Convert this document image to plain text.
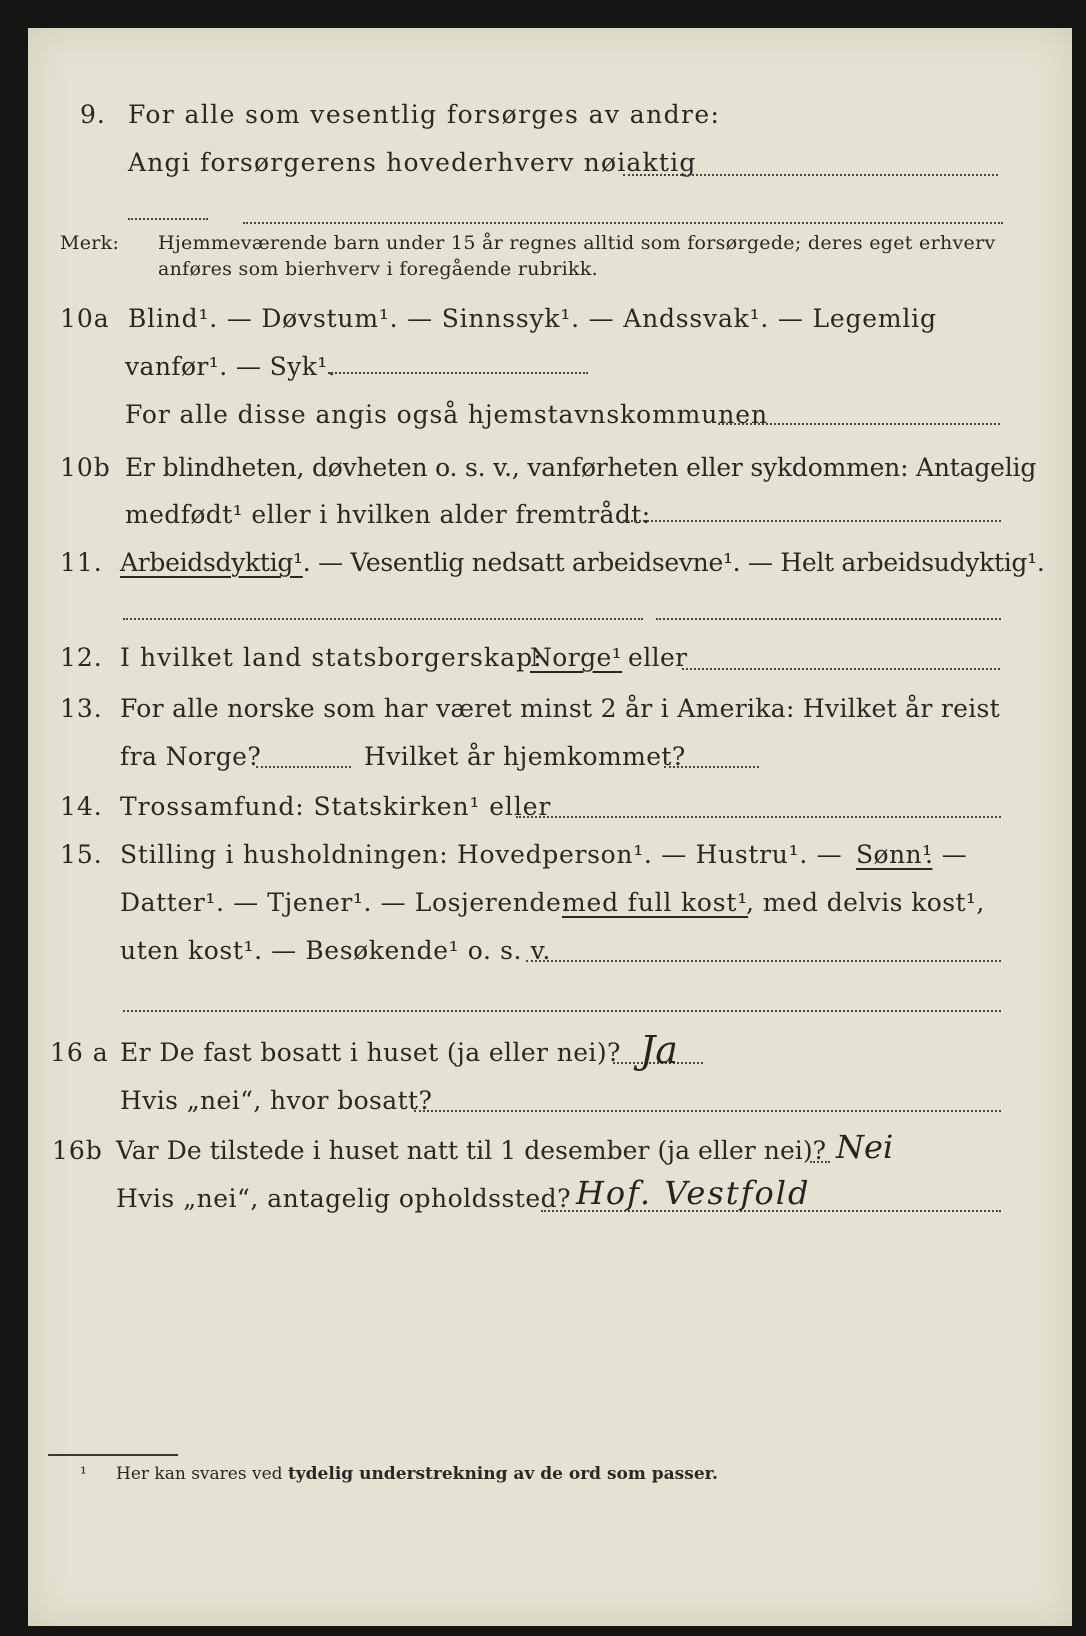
9. For alle som vesentlig forsørges av andre:
Angi forsørgerens hovederhverv nøiaktig
Merk: Hjemmeværende barn under 15 år regnes alltid som forsørgede; deres eget erhverv
anføres som bierhverv i foregående rubrikk.
10a Blind¹. — Døvstum¹. — Sinnssyk¹. — Andssvak¹. — Legemlig
vanfør¹. — Syk¹.
For alle disse angis også hjemstavnskommunen
10b Er blindheten, døvheten o. s. v., vanførheten eller sykdommen: Antagelig
medfødt¹ eller i hvilken alder fremtrådt:
11. Arbeidsdyktig¹. — Vesentlig nedsatt arbeidsevne¹. — Helt arbeidsudyktig¹.
12. I hvilket land statsborgerskap:
Norge¹ eller
13. For alle norske som har været minst 2 år i Amerika: Hvilket år reist
fra Norge?	Hvilket år hjemkommet?
14. Trossamfund: Statskirken¹ eller
15. Stilling i husholdningen: Hovedperson¹. — Hustru¹. — Sønn¹
. —
Datter¹. — Tjener¹. — Losjerende:
med full kost¹
, med delvis kost¹,
uten kost¹. — Besøkende¹ o. s. v.
16 a Er De fast bosatt i huset (ja eller nei)? Ja
Hvis „nei“, hvor bosatt?
16b Var De tilstede i huset natt til 1 desember (ja eller nei)? Nei
Hvis „nei“, antagelig opholdssted? Hof. Vestfold
¹ Her kan svares ved tydelig understrekning av de ord som passer.
